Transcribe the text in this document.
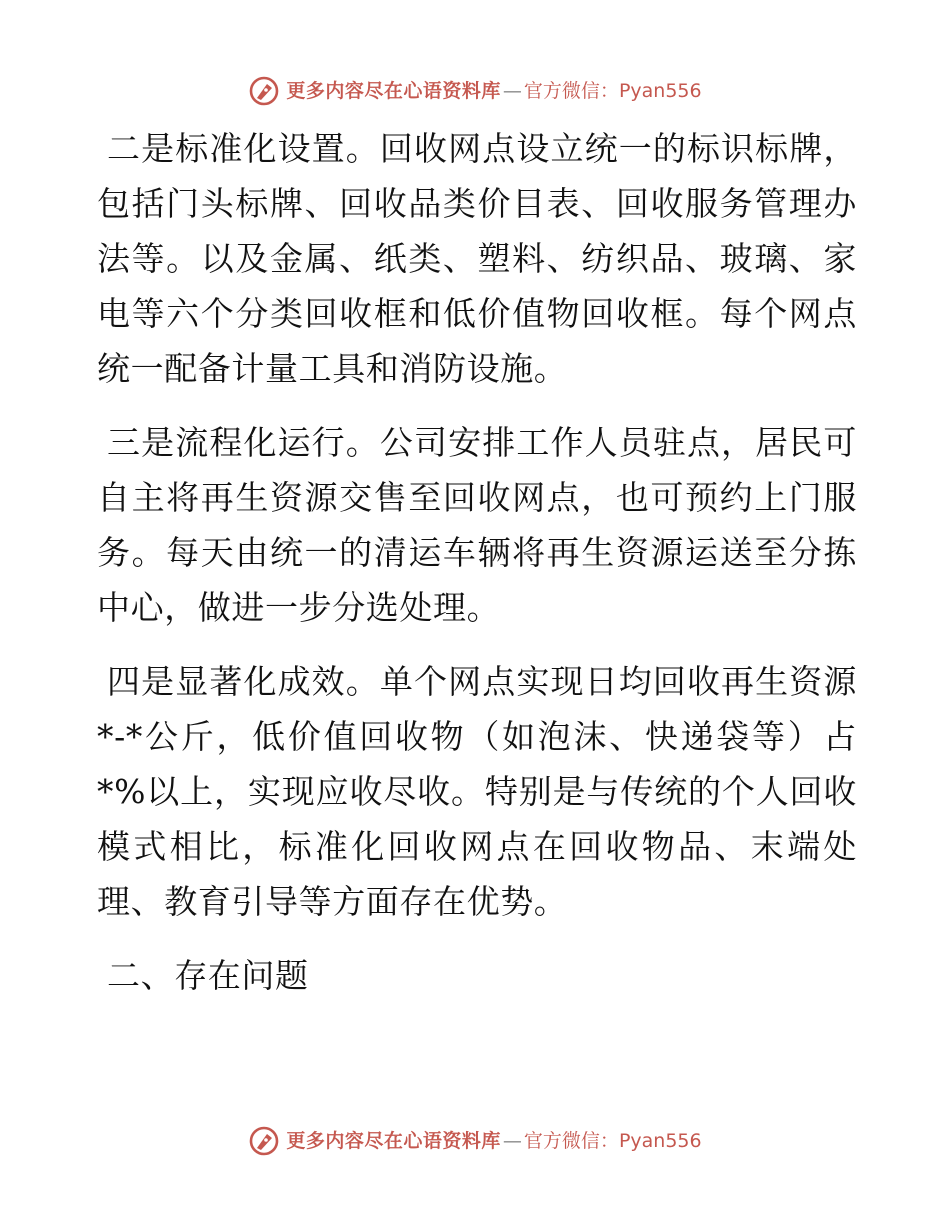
更多内容尽在心语资料库 — 官方微信： Pyan556

二是标准化设置。回收网点设立统一的标识标牌，包括门头标牌、回收品类价目表、回收服务管理办法等。以及金属、纸类、塑料、纺织品、玻璃、家电等六个分类回收框和低价值物回收框。每个网点统一配备计量工具和消防设施。

三是流程化运行。公司安排工作人员驻点，居民可自主将再生资源交售至回收网点，也可预约上门服务。每天由统一的清运车辆将再生资源运送至分拣中心，做进一步分选处理。

四是显著化成效。单个网点实现日均回收再生资源*-*公斤，低价值回收物（如泡沫、快递袋等）占*%以上，实现应收尽收。特别是与传统的个人回收模式相比，标准化回收网点在回收物品、末端处理、教育引导等方面存在优势。

二、存在问题

更多内容尽在心语资料库 — 官方微信： Pyan556
